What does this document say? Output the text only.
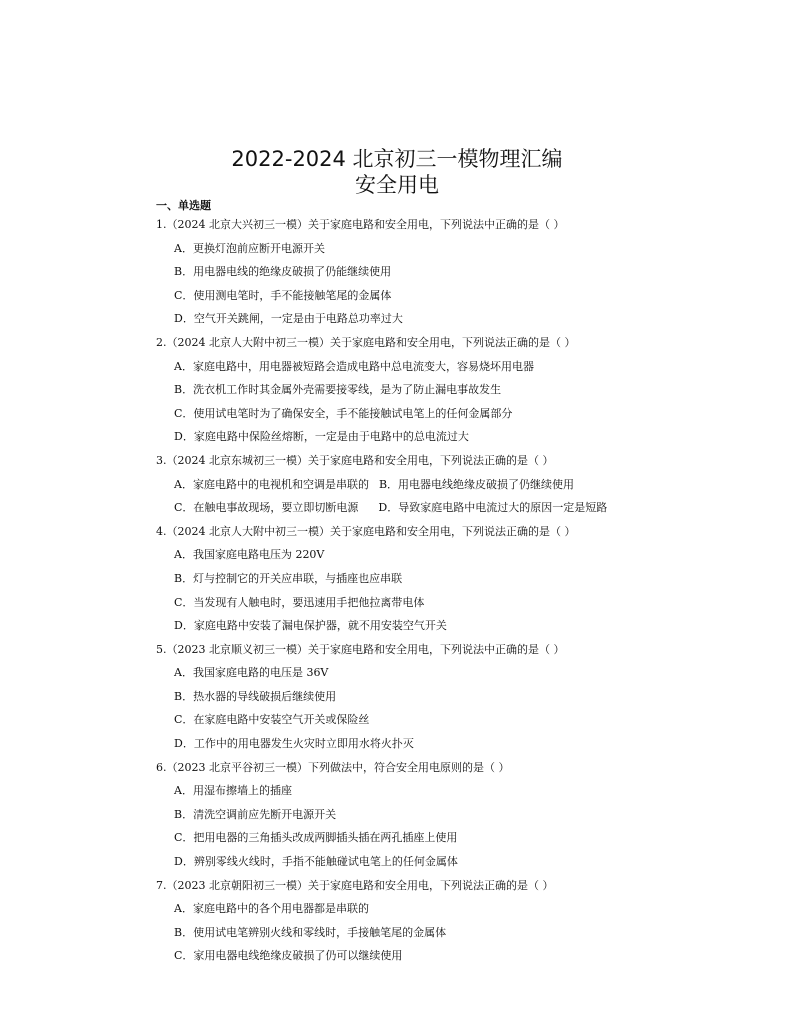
2022-2024 北京初三一模物理汇编
安全用电
一、单选题
1.（2024 北京大兴初三一模）关于家庭电路和安全用电，下列说法中正确的是（ ）
A．更换灯泡前应断开电源开关
B．用电器电线的绝缘皮破损了仍能继续使用
C．使用测电笔时，手不能接触笔尾的金属体
D．空气开关跳闸，一定是由于电路总功率过大
2.（2024 北京人大附中初三一模）关于家庭电路和安全用电，下列说法正确的是（ ）
A．家庭电路中，用电器被短路会造成电路中总电流变大，容易烧坏用电器
B．洗衣机工作时其金属外壳需要接零线，是为了防止漏电事故发生
C．使用试电笔时为了确保安全，手不能接触试电笔上的任何金属部分
D．家庭电路中保险丝熔断，一定是由于电路中的总电流过大
3.（2024 北京东城初三一模）关于家庭电路和安全用电，下列说法正确的是（ ）
A．家庭电路中的电视机和空调是串联的 B．用电器电线绝缘皮破损了仍继续使用
C．在触电事故现场，要立即切断电源 D．导致家庭电路中电流过大的原因一定是短路
4.（2024 北京人大附中初三一模）关于家庭电路和安全用电，下列说法正确的是（ ）
A．我国家庭电路电压为 220V
B．灯与控制它的开关应串联，与插座也应串联
C．当发现有人触电时，要迅速用手把他拉离带电体
D．家庭电路中安装了漏电保护器，就不用安装空气开关
5.（2023 北京顺义初三一模）关于家庭电路和安全用电，下列说法中正确的是（ ）
A．我国家庭电路的电压是 36V
B．热水器的导线破损后继续使用
C．在家庭电路中安装空气开关或保险丝
D．工作中的用电器发生火灾时立即用水将火扑灭
6.（2023 北京平谷初三一模）下列做法中，符合安全用电原则的是（ ）
A．用湿布擦墙上的插座
B．清洗空调前应先断开电源开关
C．把用电器的三角插头改成两脚插头插在两孔插座上使用
D．辨别零线火线时，手指不能触碰试电笔上的任何金属体
7.（2023 北京朝阳初三一模）关于家庭电路和安全用电，下列说法正确的是（ ）
A．家庭电路中的各个用电器都是串联的
B．使用试电笔辨别火线和零线时，手接触笔尾的金属体
C．家用电器电线绝缘皮破损了仍可以继续使用
